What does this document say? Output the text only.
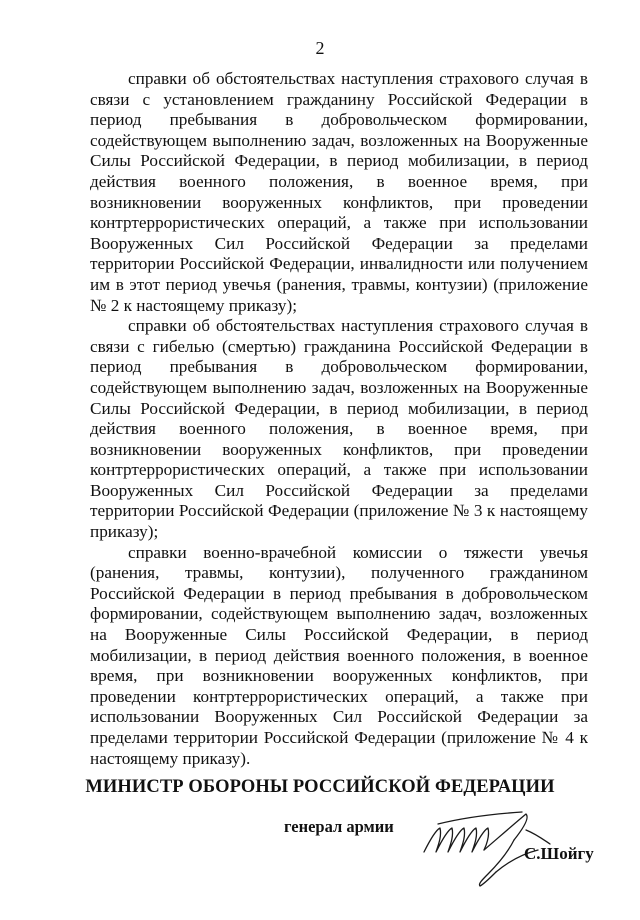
2

справки об обстоятельствах наступления страхового случая в связи с установлением гражданину Российской Федерации в период пребывания в добровольческом формировании, содействующем выполнению задач, возложенных на Вооруженные Силы Российской Федерации, в период мобилизации, в период действия военного положения, в военное время, при возникновении вооруженных конфликтов, при проведении контртеррористических операций, а также при использовании Вооруженных Сил Российской Федерации за пределами территории Российской Федерации, инвалидности или получением им в этот период увечья (ранения, травмы, контузии) (приложение № 2 к настоящему приказу);

справки об обстоятельствах наступления страхового случая в связи с гибелью (смертью) гражданина Российской Федерации в период пребывания в добровольческом формировании, содействующем выполнению задач, возложенных на Вооруженные Силы Российской Федерации, в период мобилизации, в период действия военного положения, в военное время, при возникновении вооруженных конфликтов, при проведении контртеррористических операций, а также при использовании Вооруженных Сил Российской Федерации за пределами территории Российской Федерации (приложение № 3 к настоящему приказу);

справки военно-врачебной комиссии о тяжести увечья (ранения, травмы, контузии), полученного гражданином Российской Федерации в период пребывания в добровольческом формировании, содействующем выполнению задач, возложенных на Вооруженные Силы Российской Федерации, в период мобилизации, в период действия военного положения, в военное время, при возникновении вооруженных конфликтов, при проведении контртеррористических операций, а также при использовании Вооруженных Сил Российской Федерации за пределами территории Российской Федерации (приложение № 4 к настоящему приказу).

МИНИСТР ОБОРОНЫ РОССИЙСКОЙ ФЕДЕРАЦИИ
генерал армии
С.Шойгу
